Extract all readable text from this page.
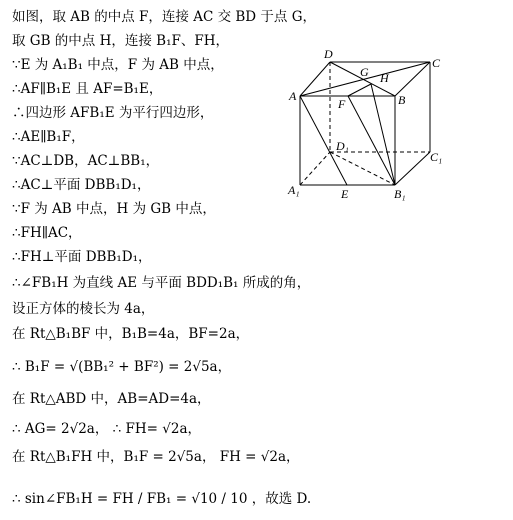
如图，取 AB 的中点 F，连接 AC 交 BD 于点 G，
取 GB 的中点 H，连接 B₁F、FH，
∵E 为 A₁B₁ 中点，F 为 AB 中点，
∴AF∥B₁E 且 AF=B₁E，
∴四边形 AFB₁E 为平行四边形，
∴AE∥B₁F，
∵AC⊥DB，AC⊥BB₁，
∴AC⊥平面 DBB₁D₁，
∵F 为 AB 中点，H 为 GB 中点，
∴FH∥AC，
∴FH⊥平面 DBB₁D₁，
∴∠FB₁H 为直线 AE 与平面 BDD₁B₁ 所成的角，
设正方体的棱长为 4a，
在 Rt△B₁BF 中，B₁B=4a，BF=2a，
∴ B₁F = √(BB₁² + BF²) = 2√5a，
在 Rt△ABD 中，AB=AD=4a，
∴ AG= 2√2a， ∴ FH= √2a，
在 Rt△B₁FH 中，B₁F = 2√5a， FH = √2a，
∴ sin∠FB₁H = FH / FB₁ = √10 / 10 ，故选 D.
D
C
G H
A
F	B
D₁
C₁
A₁	E	B₁
